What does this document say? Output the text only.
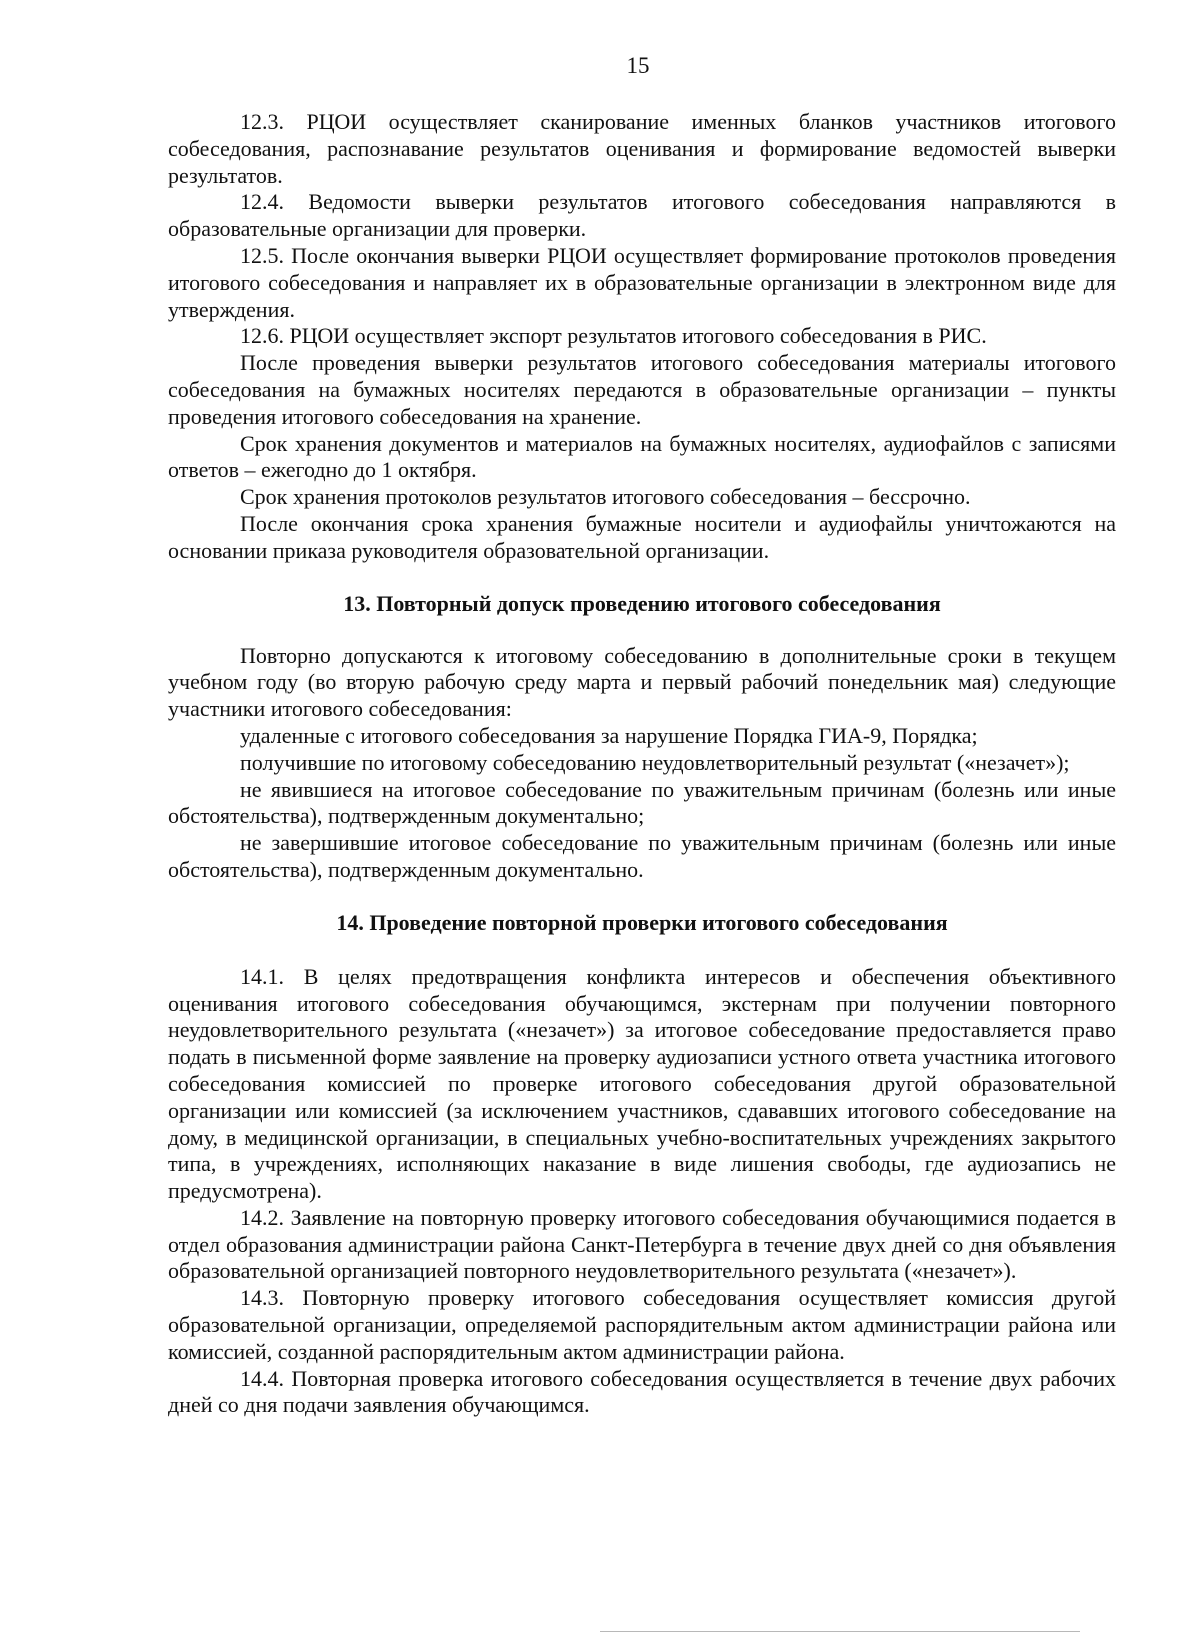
15

12.3. РЦОИ осуществляет сканирование именных бланков участников итогового собеседования, распознавание результатов оценивания и формирование ведомостей выверки результатов.

12.4. Ведомости выверки результатов итогового собеседования направляются в образовательные организации для проверки.

12.5. После окончания выверки РЦОИ осуществляет формирование протоколов проведения итогового собеседования и направляет их в образовательные организации в электронном виде для утверждения.

12.6. РЦОИ осуществляет экспорт результатов итогового собеседования в РИС.

После проведения выверки результатов итогового собеседования материалы итогового собеседования на бумажных носителях передаются в образовательные организации – пункты проведения итогового собеседования на хранение.

Срок хранения документов и материалов на бумажных носителях, аудиофайлов с записями ответов – ежегодно до 1 октября.

Срок хранения протоколов результатов итогового собеседования – бессрочно.

После окончания срока хранения бумажные носители и аудиофайлы уничтожаются на основании приказа руководителя образовательной организации.

13. Повторный допуск проведению итогового собеседования

Повторно допускаются к итоговому собеседованию в дополнительные сроки в текущем учебном году (во вторую рабочую среду марта и первый рабочий понедельник мая) следующие участники итогового собеседования:

удаленные с итогового собеседования за нарушение Порядка ГИА-9, Порядка;

получившие по итоговому собеседованию неудовлетворительный результат («незачет»);

не явившиеся на итоговое собеседование по уважительным причинам (болезнь или иные обстоятельства), подтвержденным документально;

не завершившие итоговое собеседование по уважительным причинам (болезнь или иные обстоятельства), подтвержденным документально.

14. Проведение повторной проверки итогового собеседования

14.1. В целях предотвращения конфликта интересов и обеспечения объективного оценивания итогового собеседования обучающимся, экстернам при получении повторного неудовлетворительного результата («незачет») за итоговое собеседование предоставляется право подать в письменной форме заявление на проверку аудиозаписи устного ответа участника итогового собеседования комиссией по проверке итогового собеседования другой образовательной организации или комиссией (за исключением участников, сдававших итогового собеседование на дому, в медицинской организации, в специальных учебно-воспитательных учреждениях закрытого типа, в учреждениях, исполняющих наказание в виде лишения свободы, где аудиозапись не предусмотрена).

14.2. Заявление на повторную проверку итогового собеседования обучающимися подается в отдел образования администрации района Санкт-Петербурга в течение двух дней со дня объявления образовательной организацией повторного неудовлетворительного результата («незачет»).

14.3. Повторную проверку итогового собеседования осуществляет комиссия другой образовательной организации, определяемой распорядительным актом администрации района или комиссией, созданной распорядительным актом администрации района.

14.4. Повторная проверка итогового собеседования осуществляется в течение двух рабочих дней со дня подачи заявления обучающимся.
